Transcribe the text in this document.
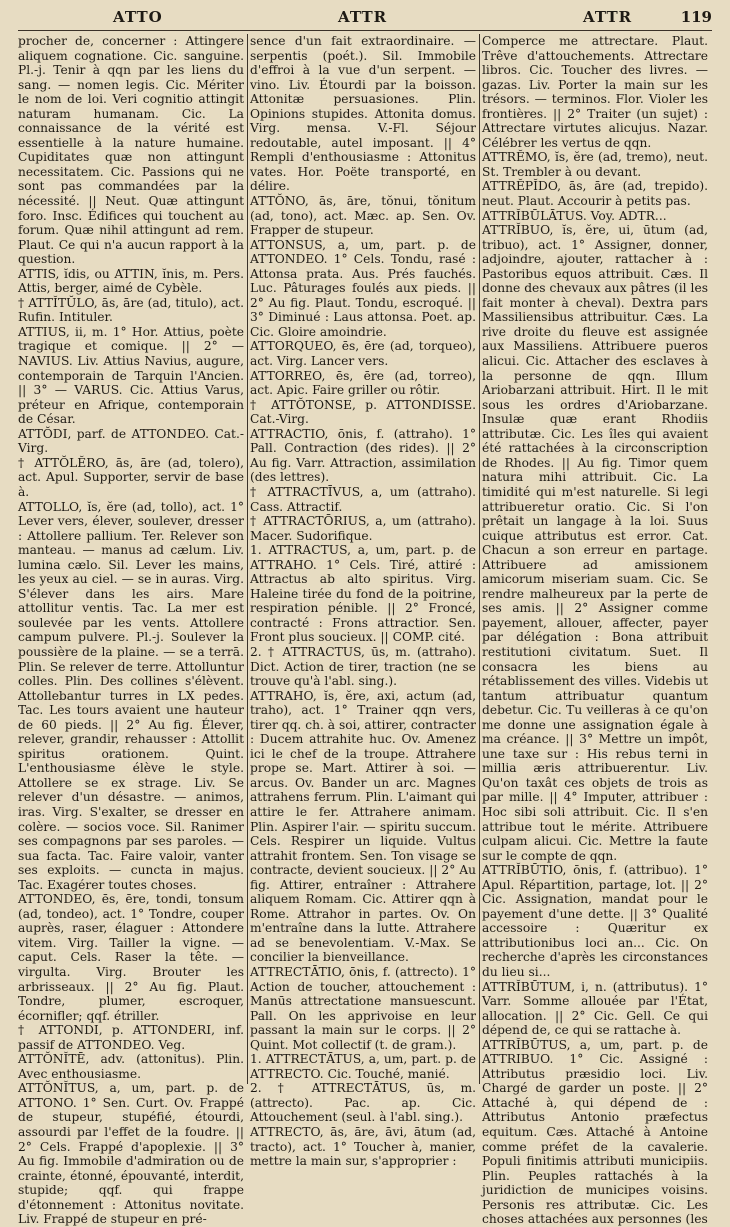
ATTO	ATTR	ATTR	119

procher de, concerner : Attingere aliquem cognatione. Cic. sanguine. Pl.-j. Tenir à qqn par les liens du sang. — nomen legis. Cic. Mériter le nom de loi. Veri cognitio attingit naturam humanam. Cic. La connaissance de la vérité est essentielle à la nature humaine. Cupiditates quæ non attingunt necessitatem. Cic. Passions qui ne sont pas commandées par la nécessité. || Neut. Quæ attingunt foro. Insc. Édifices qui touchent au forum. Quæ nihil attingunt ad rem. Plaut. Ce qui n'a aucun rapport à la question.

ATTIS, ĭdis, ou ATTIN, ĭnis, m. Pers. Attis, berger, aimé de Cybèle.

† ATTĬTŬLO, ās, āre (ad, titulo), act. Rufin. Intituler.

ATTIUS, ii, m. 1° Hor. Attius, poète tragique et comique. || 2° — NAVIUS. Liv. Attius Navius, augure, contemporain de Tarquin l'Ancien. || 3° — VARUS. Cic. Attius Varus, préteur en Afrique, contemporain de César.

ATTŎDI, parf. de ATTONDEO. Cat.-Virg.

† ATTŎLĔRO, ās, āre (ad, tolero), act. Apul. Supporter, servir de base à.

ATTOLLO, ĭs, ĕre (ad, tollo), act. 1° Lever vers, élever, soulever, dresser : Attollere pallium. Ter. Relever son manteau. — manus ad cælum. Liv. lumina cælo. Sil. Lever les mains, les yeux au ciel. — se in auras. Virg. S'élever dans les airs. Mare attollitur ventis. Tac. La mer est soulevée par les vents. Attollere campum pulvere. Pl.-j. Soulever la poussière de la plaine. — se a terrā. Plin. Se relever de terre. Attolluntur colles. Plin. Des collines s'élèvent. Attollebantur turres in LX pedes. Tac. Les tours avaient une hauteur de 60 pieds. || 2° Au fig. Élever, relever, grandir, rehausser : Attollit spiritus orationem. Quint. L'enthousiasme élève le style. Attollere se ex strage. Liv. Se relever d'un désastre. — animos, iras. Virg. S'exalter, se dresser en colère. — socios voce. Sil. Ranimer ses compagnons par ses paroles. — sua facta. Tac. Faire valoir, vanter ses exploits. — cuncta in majus. Tac. Exagérer toutes choses.

ATTONDEO, ēs, ēre, tondi, tonsum (ad, tondeo), act. 1° Tondre, couper auprès, raser, élaguer : Attondere vitem. Virg. Tailler la vigne. — caput. Cels. Raser la tête. — virgulta. Virg. Brouter les arbrisseaux. || 2° Au fig. Plaut. Tondre, plumer, escroquer, écornifler; qqf. étriller.

† ATTONDI, p. ATTONDERI, inf. passif de ATTONDEO. Veg.

ATTŎNĬTĒ, adv. (attonitus). Plin. Avec enthousiasme.

ATTŎNĬTUS, a, um, part. p. de ATTONO. 1° Sen. Curt. Ov. Frappé de stupeur, stupéfié, étourdi, assourdi par l'effet de la foudre. || 2° Cels. Frappé d'apoplexie. || 3° Au fig. Immobile d'admiration ou de crainte, étonné, épouvanté, interdit, stupide; qqf. qui frappe d'étonnement : Attonitus novitate. Liv. Frappé de stupeur en pré-

sence d'un fait extraordinaire. — serpentis (poét.). Sil. Immobile d'effroi à la vue d'un serpent. — vino. Liv. Étourdi par la boisson. Attonitæ persuasiones. Plin. Opinions stupides. Attonita domus. Virg. mensa. V.-Fl. Séjour redoutable, autel imposant. || 4° Rempli d'enthousiasme : Attonitus vates. Hor. Poëte transporté, en délire.

ATTŎNO, ās, āre, tŏnui, tŏnitum (ad, tono), act. Mæc. ap. Sen. Ov. Frapper de stupeur.

ATTONSUS, a, um, part. p. de ATTONDEO. 1° Cels. Tondu, rasé : Attonsa prata. Aus. Prés fauchés. Luc. Pâturages foulés aux pieds. || 2° Au fig. Plaut. Tondu, escroqué. || 3° Diminué : Laus attonsa. Poet. ap. Cic. Gloire amoindrie.

ATTORQUEO, ēs, ēre (ad, torqueo), act. Virg. Lancer vers.

ATTORREO, ēs, ēre (ad, torreo), act. Apic. Faire griller ou rôtir.

† ATTŎTONSE, p. ATTONDISSE. Cat.-Virg.

ATTRACTIO, ōnis, f. (attraho). 1° Pall. Contraction (des rides). || 2° Au fig. Varr. Attraction, assimilation (des lettres).

† ATTRACTĪVUS, a, um (attraho). Cass. Attractif.

† ATTRACTŌRIUS, a, um (attraho). Macer. Sudorifique.

1. ATTRACTUS, a, um, part. p. de ATTRAHO. 1° Cels. Tiré, attiré : Attractus ab alto spiritus. Virg. Haleine tirée du fond de la poitrine, respiration pénible. || 2° Froncé, contracté : Frons attractior. Sen. Front plus soucieux. || COMP. cité.

2. † ATTRACTUS, ūs, m. (attraho). Dict. Action de tirer, traction (ne se trouve qu'à l'abl. sing.).

ATTRAHO, ĭs, ĕre, axi, actum (ad, traho), act. 1° Trainer qqn vers, tirer qq. ch. à soi, attirer, contracter : Ducem attrahite huc. Ov. Amenez ici le chef de la troupe. Attrahere prope se. Mart. Attirer à soi. — arcus. Ov. Bander un arc. Magnes attrahens ferrum. Plin. L'aimant qui attire le fer. Attrahere animam. Plin. Aspirer l'air. — spiritu succum. Cels. Respirer un liquide. Vultus attrahit frontem. Sen. Ton visage se contracte, devient soucieux. || 2° Au fig. Attirer, entraîner : Attrahere aliquem Romam. Cic. Attirer qqn à Rome. Attrahor in partes. Ov. On m'entraîne dans la lutte. Attrahere ad se benevolentiam. V.-Max. Se concilier la bienveillance.

ATTRECTĀTIO, ōnis, f. (attrecto). 1° Action de toucher, attouchement : Manūs attrectatione mansuescunt. Pall. On les apprivoise en leur passant la main sur le corps. || 2° Quint. Mot collectif (t. de gram.).

1. ATTRECTĀTUS, a, um, part. p. de ATTRECTO. Cic. Touché, manié.

2. † ATTRECTĀTUS, ūs, m. (attrecto). Pac. ap. Cic. Attouchement (seul. à l'abl. sing.).

ATTRECTO, ās, āre, āvi, ātum (ad, tracto), act. 1° Toucher à, manier, mettre la main sur, s'approprier :

Comperce me attrectare. Plaut. Trêve d'attouchements. Attrectare libros. Cic. Toucher des livres. — gazas. Liv. Porter la main sur les trésors. — terminos. Flor. Violer les frontières. || 2° Traiter (un sujet) : Attrectare virtutes alicujus. Nazar. Célébrer les vertus de qqn.

ATTRĔMO, ĭs, ĕre (ad, tremo), neut. St. Trembler à ou devant.

ATTRĔPĬDO, ās, āre (ad, trepido). neut. Plaut. Accourir à petits pas.

ATTRĬBŪLĀTUS. Voy. ADTR...

ATTRĬBUO, ĭs, ĕre, ui, ūtum (ad, tribuo), act. 1° Assigner, donner, adjoindre, ajouter, rattacher à : Pastoribus equos attribuit. Cæs. Il donne des chevaux aux pâtres (il les fait monter à cheval). Dextra pars Massiliensibus attribuitur. Cæs. La rive droite du fleuve est assignée aux Massiliens. Attribuere pueros alicui. Cic. Attacher des esclaves à la personne de qqn. Illum Ariobarzani attribuit. Hirt. Il le mit sous les ordres d'Ariobarzane. Insulæ quæ erant Rhodiis attributæ. Cic. Les îles qui avaient été rattachées à la circonscription de Rhodes. || Au fig. Timor quem natura mihi attribuit. Cic. La timidité qui m'est naturelle. Si legi attribueretur oratio. Cic. Si l'on prêtait un langage à la loi. Suus cuique attributus est error. Cat. Chacun a son erreur en partage. Attribuere ad amissionem amicorum miseriam suam. Cic. Se rendre malheureux par la perte de ses amis. || 2° Assigner comme payement, allouer, affecter, payer par délégation : Bona attribuit restitutioni civitatum. Suet. Il consacra les biens au rétablissement des villes. Videbis ut tantum attribuatur quantum debetur. Cic. Tu veilleras à ce qu'on me donne une assignation égale à ma créance. || 3° Mettre un impôt, une taxe sur : His rebus terni in millia æris attribuerentur. Liv. Qu'on taxât ces objets de trois as par mille. || 4° Imputer, attribuer : Hoc sibi soli attribuit. Cic. Il s'en attribue tout le mérite. Attribuere culpam alicui. Cic. Mettre la faute sur le compte de qqn.

ATTRĬBŪTIO, ōnis, f. (attribuo). 1° Apul. Répartition, partage, lot. || 2° Cic. Assignation, mandat pour le payement d'une dette. || 3° Qualité accessoire : Quæritur ex attributionibus loci an... Cic. On recherche d'après les circonstances du lieu si...

ATTRĬBŪTUM, i, n. (attributus). 1° Varr. Somme allouée par l'État, allocation. || 2° Cic. Gell. Ce qui dépend de, ce qui se rattache à.

ATTRĬBŪTUS, a, um, part. p. de ATTRIBUO. 1° Cic. Assigné : Attributus præsidio loci. Liv. Chargé de garder un poste. || 2° Attaché à, qui dépend de : Attributus Antonio præfectus equitum. Cæs. Attaché à Antoine comme préfet de la cavalerie. Populi finitimis attributi municipiis. Plin. Peuples rattachés à la juridiction de municipes voisins. Personis res attributæ. Cic. Les choses attachées aux personnes (les
